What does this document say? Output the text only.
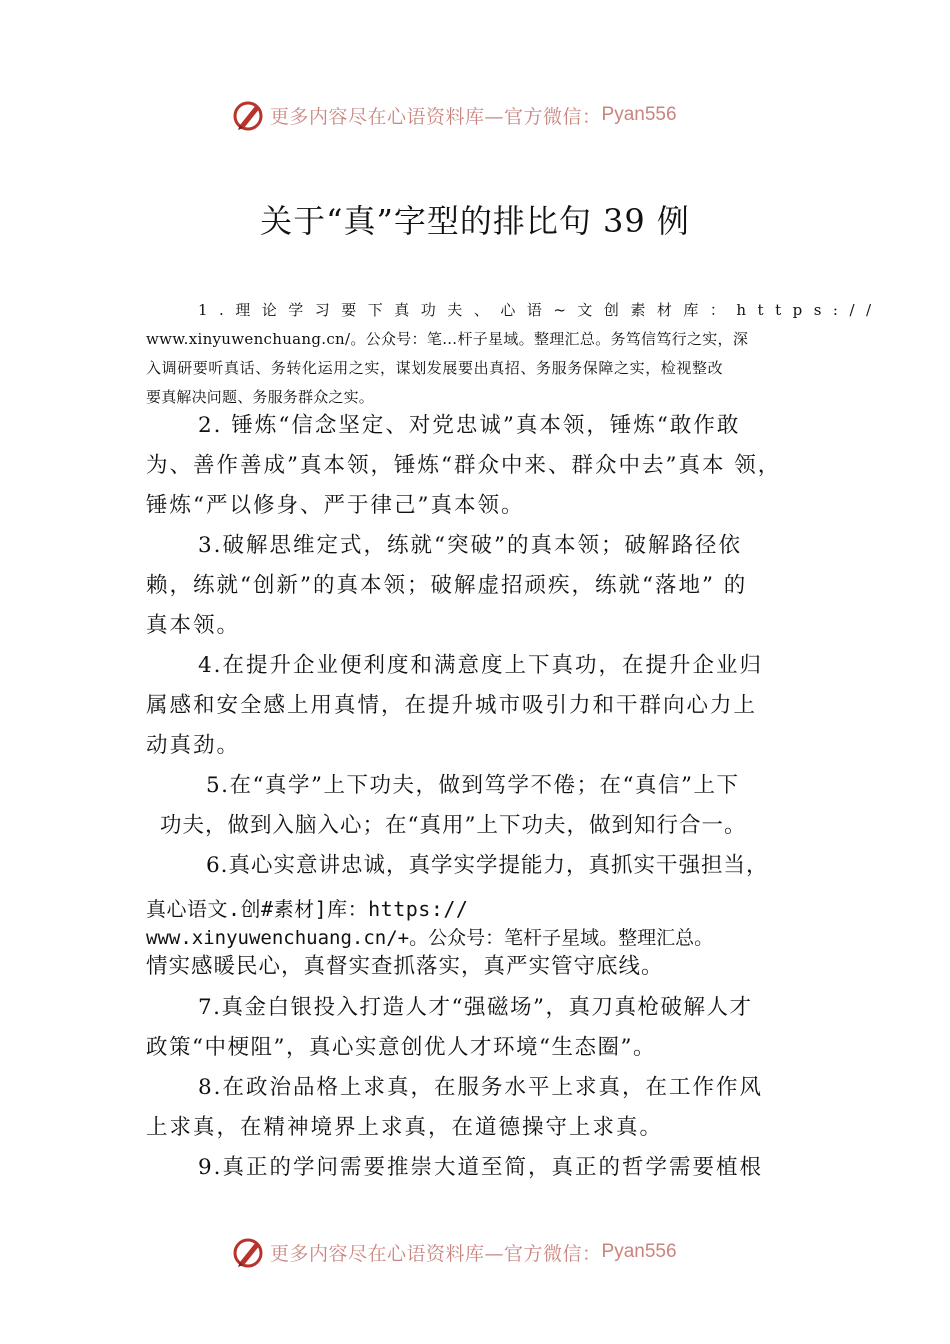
更多内容尽在心语资料库—官方微信： Pyan556
关于“真”字型的排比句 39 例
1.理论学习要下真功夫、心语~文创素材库：https://
www.xinyuwenchuang.cn/。公众号：笔…杆子星域。整理汇总。务笃信笃行之实，深
入调研要听真话、务转化运用之实，谋划发展要出真招、务服务保障之实，检视整改
要真解决问题、务服务群众之实。
2. 锤炼“信念坚定、对党忠诚”真本领，锤炼“敢作敢
为、善作善成”真本领，锤炼“群众中来、群众中去”真本 领，
锤炼“严以修身、严于律己”真本领。
3.破解思维定式，练就“突破”的真本领；破解路径依
赖，练就“创新”的真本领；破解虚招顽疾，练就“落地” 的
真本领。
4.在提升企业便利度和满意度上下真功，在提升企业归
属感和安全感上用真情，在提升城市吸引力和干群向心力上
动真劲。
5.在“真学”上下功夫，做到笃学不倦；在“真信”上下
功夫，做到入脑入心；在“真用”上下功夫，做到知行合一。
6.真心实意讲忠诚，真学实学提能力，真抓实干强担当，
真心语文.创#素材]库：https://
www.xinyuwenchuang.cn/+。公众号：笔杆子星域。整理汇总。
情实感暖民心，真督实查抓落实，真严实管守底线。
7.真金白银投入打造人才“强磁场”，真刀真枪破解人才
政策“中梗阻”，真心实意创优人才环境“生态圈”。
8.在政治品格上求真，在服务水平上求真，在工作作风
上求真，在精神境界上求真，在道德操守上求真。
9.真正的学问需要推崇大道至简，真正的哲学需要植根
更多内容尽在心语资料库—官方微信： Pyan556
